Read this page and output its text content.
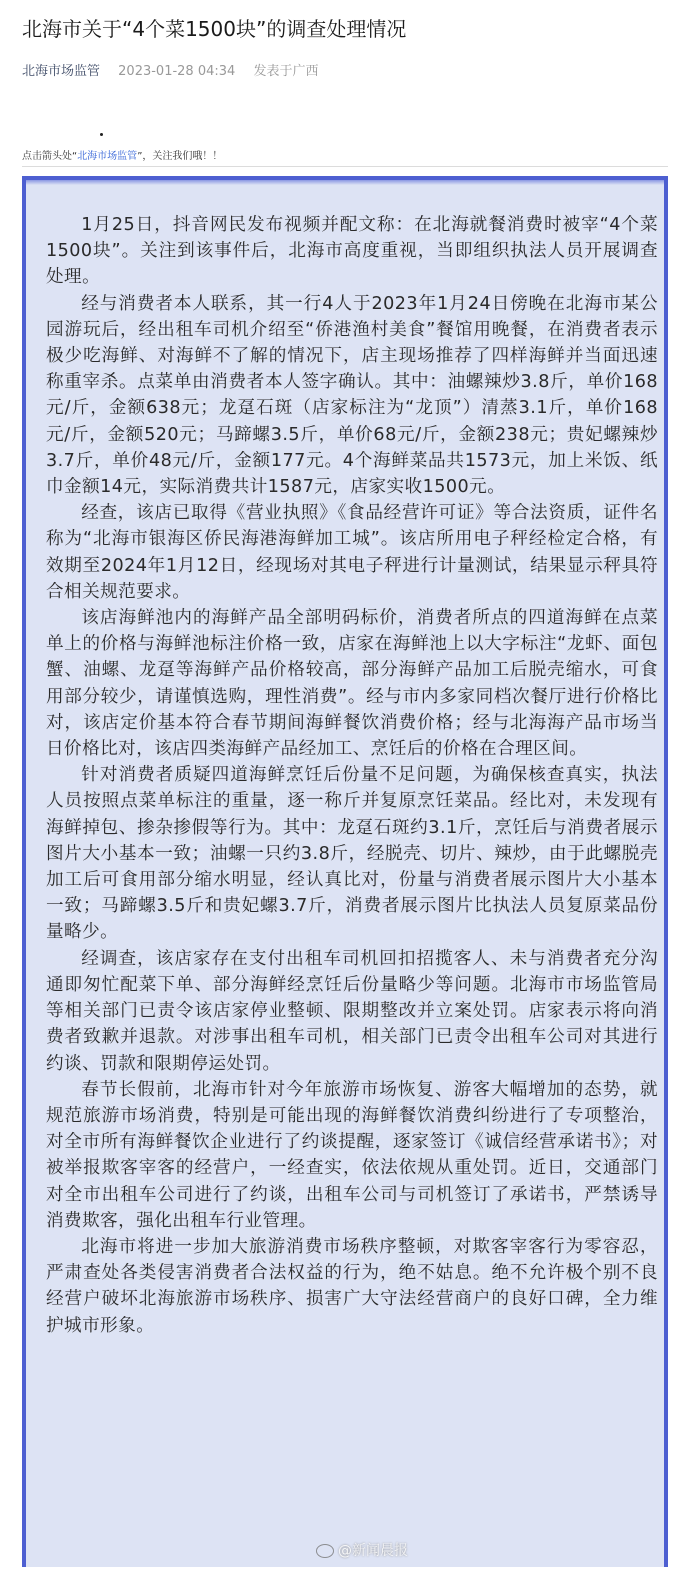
北海市关于“4个菜1500块”的调查处理情况
北海市场监管 2023-01-28 04:34 发表于广西
点击箭头处“北海市场监管”，关注我们哦！！

1月25日，抖音网民发布视频并配文称：在北海就餐消费时被宰“4个菜1500块”。关注到该事件后，北海市高度重视，当即组织执法人员开展调查处理。

经与消费者本人联系，其一行4人于2023年1月24日傍晚在北海市某公园游玩后，经出租车司机介绍至“侨港渔村美食”餐馆用晚餐，在消费者表示极少吃海鲜、对海鲜不了解的情况下，店主现场推荐了四样海鲜并当面迅速称重宰杀。点菜单由消费者本人签字确认。其中：油螺辣炒3.8斤，单价168元/斤，金额638元；龙趸石斑（店家标注为“龙顶”）清蒸3.1斤，单价168元/斤，金额520元；马蹄螺3.5斤，单价68元/斤，金额238元；贵妃螺辣炒3.7斤，单价48元/斤，金额177元。4个海鲜菜品共1573元，加上米饭、纸巾金额14元，实际消费共计1587元，店家实收1500元。

经查，该店已取得《营业执照》《食品经营许可证》等合法资质，证件名称为“北海市银海区侨民海港海鲜加工城”。该店所用电子秤经检定合格，有效期至2024年1月12日，经现场对其电子秤进行计量测试，结果显示秤具符合相关规范要求。

该店海鲜池内的海鲜产品全部明码标价，消费者所点的四道海鲜在点菜单上的价格与海鲜池标注价格一致，店家在海鲜池上以大字标注“龙虾、面包蟹、油螺、龙趸等海鲜产品价格较高，部分海鲜产品加工后脱壳缩水，可食用部分较少，请谨慎选购，理性消费”。经与市内多家同档次餐厅进行价格比对，该店定价基本符合春节期间海鲜餐饮消费价格；经与北海海产品市场当日价格比对，该店四类海鲜产品经加工、烹饪后的价格在合理区间。

针对消费者质疑四道海鲜烹饪后份量不足问题，为确保核查真实，执法人员按照点菜单标注的重量，逐一称斤并复原烹饪菜品。经比对，未发现有海鲜掉包、掺杂掺假等行为。其中：龙趸石斑约3.1斤，烹饪后与消费者展示图片大小基本一致；油螺一只约3.8斤，经脱壳、切片、辣炒，由于此螺脱壳加工后可食用部分缩水明显，经认真比对，份量与消费者展示图片大小基本一致；马蹄螺3.5斤和贵妃螺3.7斤，消费者展示图片比执法人员复原菜品份量略少。

经调查，该店家存在支付出租车司机回扣招揽客人、未与消费者充分沟通即匆忙配菜下单、部分海鲜经烹饪后份量略少等问题。北海市市场监管局等相关部门已责令该店家停业整顿、限期整改并立案处罚。店家表示将向消费者致歉并退款。对涉事出租车司机，相关部门已责令出租车公司对其进行约谈、罚款和限期停运处罚。

春节长假前，北海市针对今年旅游市场恢复、游客大幅增加的态势，就规范旅游市场消费，特别是可能出现的海鲜餐饮消费纠纷进行了专项整治，对全市所有海鲜餐饮企业进行了约谈提醒，逐家签订《诚信经营承诺书》；对被举报欺客宰客的经营户，一经查实，依法依规从重处罚。近日，交通部门对全市出租车公司进行了约谈，出租车公司与司机签订了承诺书，严禁诱导消费欺客，强化出租车行业管理。

北海市将进一步加大旅游消费市场秩序整顿，对欺客宰客行为零容忍，严肃查处各类侵害消费者合法权益的行为，绝不姑息。绝不允许极个别不良经营户破坏北海旅游市场秩序、损害广大守法经营商户的良好口碑，全力维护城市形象。

@新闻晨报
